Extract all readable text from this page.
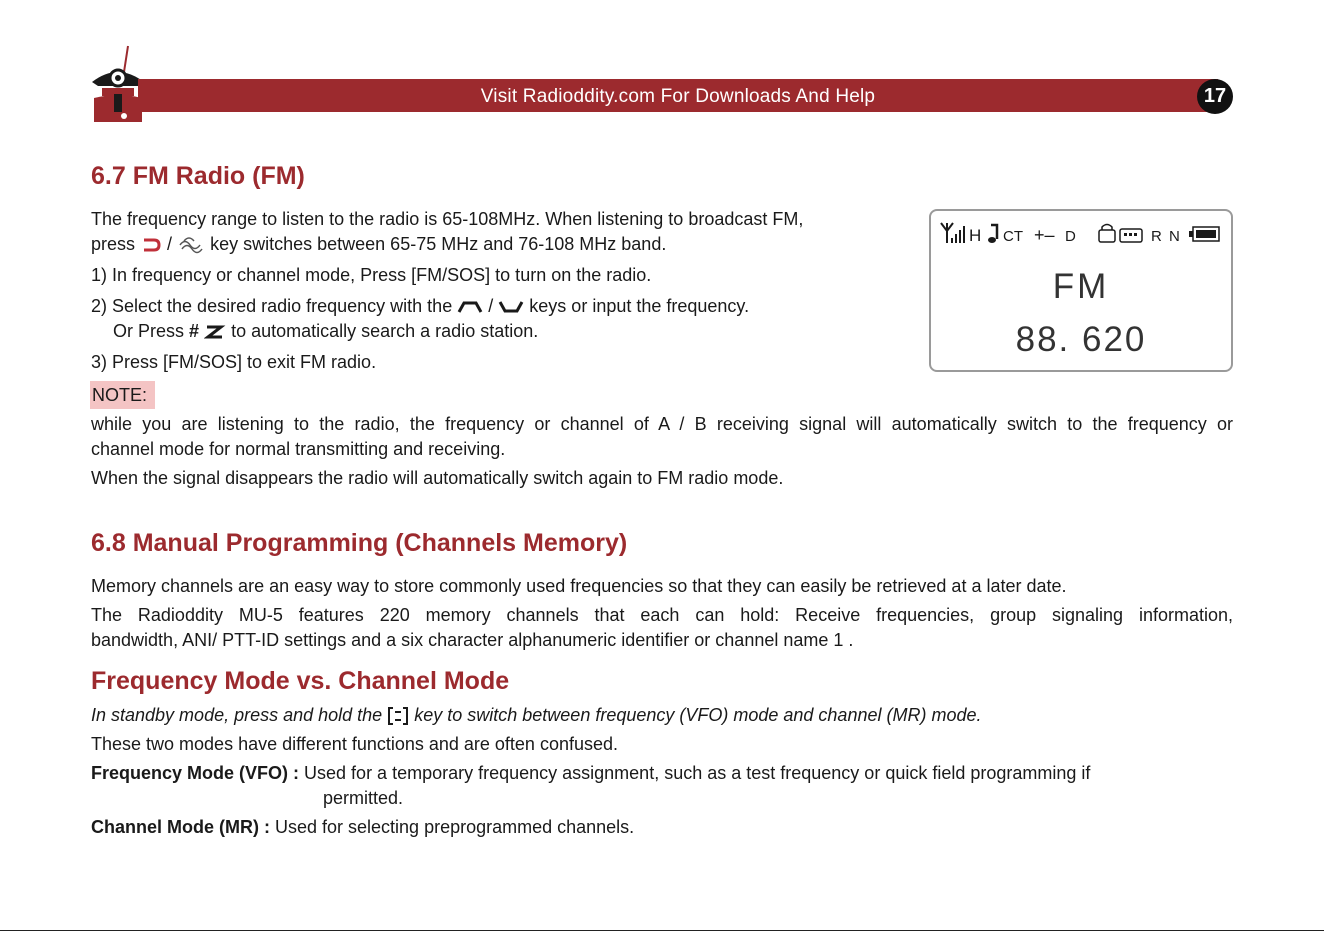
Visit Radioddity.com For Downloads And Help	17
6.7 FM Radio (FM)

The frequency range to listen to the radio is 65-108MHz. When listening to broadcast FM,

press / key switches between 65-75 MHz and 76-108 MHz band.

1) In frequency or channel mode, Press [FM/SOS] to turn on the radio.

2) Select the desired radio frequency with the / keys or input the frequency.

Or Press # to automatically search a radio station.

3) Press [FM/SOS] to exit FM radio.

NOTE:

while you are listening to the radio, the frequency or channel of A / B receiving signal will automatically switch to the frequency or

channel mode for normal transmitting and receiving.

When the signal disappears the radio will automatically switch again to FM radio mode.

H CT +– D	R N
FM
88. 620
6.8 Manual Programming (Channels Memory)

Memory channels are an easy way to store commonly used frequencies so that they can easily be retrieved at a later date.

The Radioddity MU-5 features 220 memory channels that each can hold: Receive frequencies, group signaling information,

bandwidth, ANI/ PTT-ID settings and a six character alphanumeric identifier or channel name 1 .

Frequency Mode vs. Channel Mode

In standby mode, press and hold the key to switch between frequency (VFO) mode and channel (MR) mode.

These two modes have different functions and are often confused.

Frequency Mode (VFO) : Used for a temporary frequency assignment, such as a test frequency or quick field programming if

permitted.

Channel Mode (MR) : Used for selecting preprogrammed channels.
